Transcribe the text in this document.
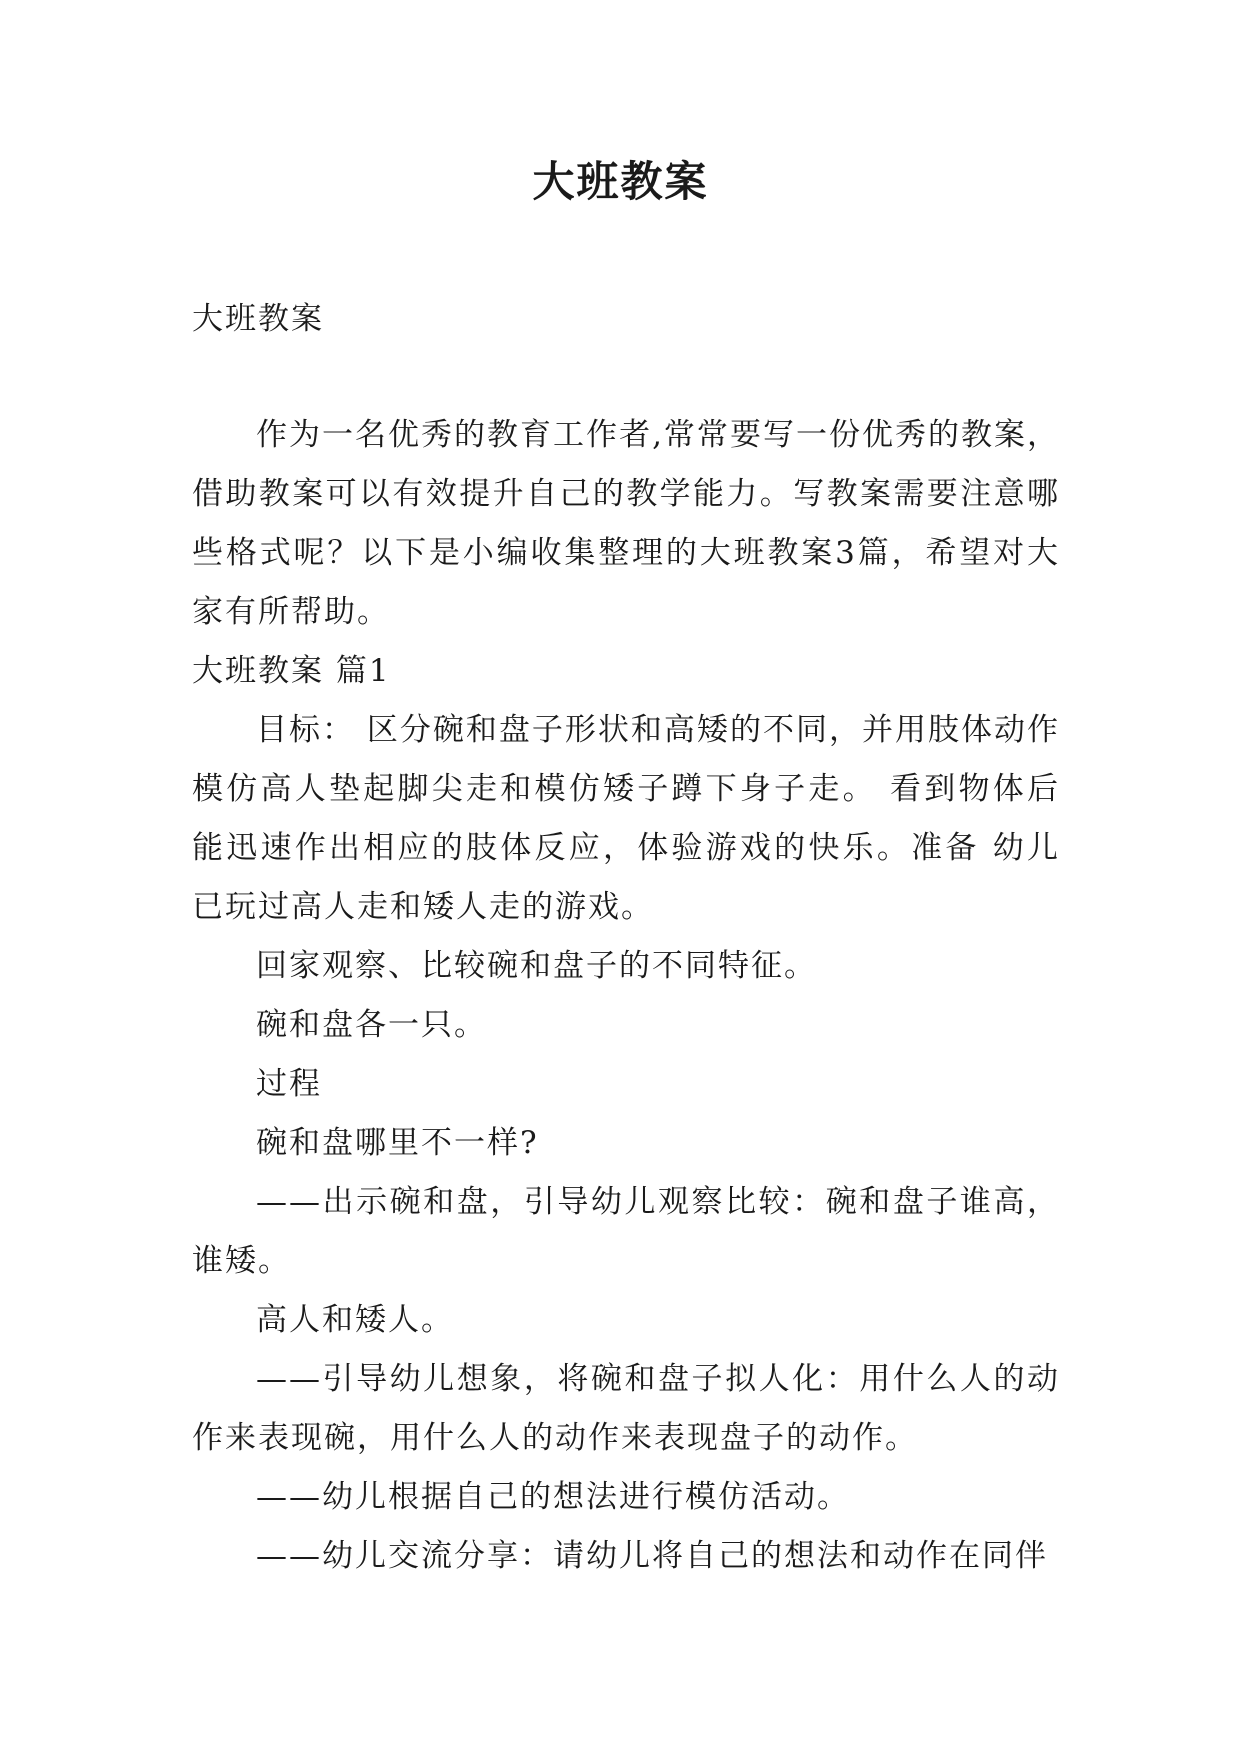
大班教案

大班教案

作为一名优秀的教育工作者,常常要写一份优秀的教案，借助教案可以有效提升自己的教学能力。写教案需要注意哪些格式呢？以下是小编收集整理的大班教案3篇，希望对大家有所帮助。

大班教案 篇1

目标： 区分碗和盘子形状和高矮的不同，并用肢体动作模仿高人垫起脚尖走和模仿矮子蹲下身子走。 看到物体后能迅速作出相应的肢体反应，体验游戏的快乐。准备 幼儿已玩过高人走和矮人走的游戏。

回家观察、比较碗和盘子的不同特征。

碗和盘各一只。

过程

碗和盘哪里不一样?

——出示碗和盘，引导幼儿观察比较：碗和盘子谁高，谁矮。

高人和矮人。

——引导幼儿想象，将碗和盘子拟人化：用什么人的动作来表现碗，用什么人的动作来表现盘子的动作。

——幼儿根据自己的想法进行模仿活动。

——幼儿交流分享：请幼儿将自己的想法和动作在同伴
